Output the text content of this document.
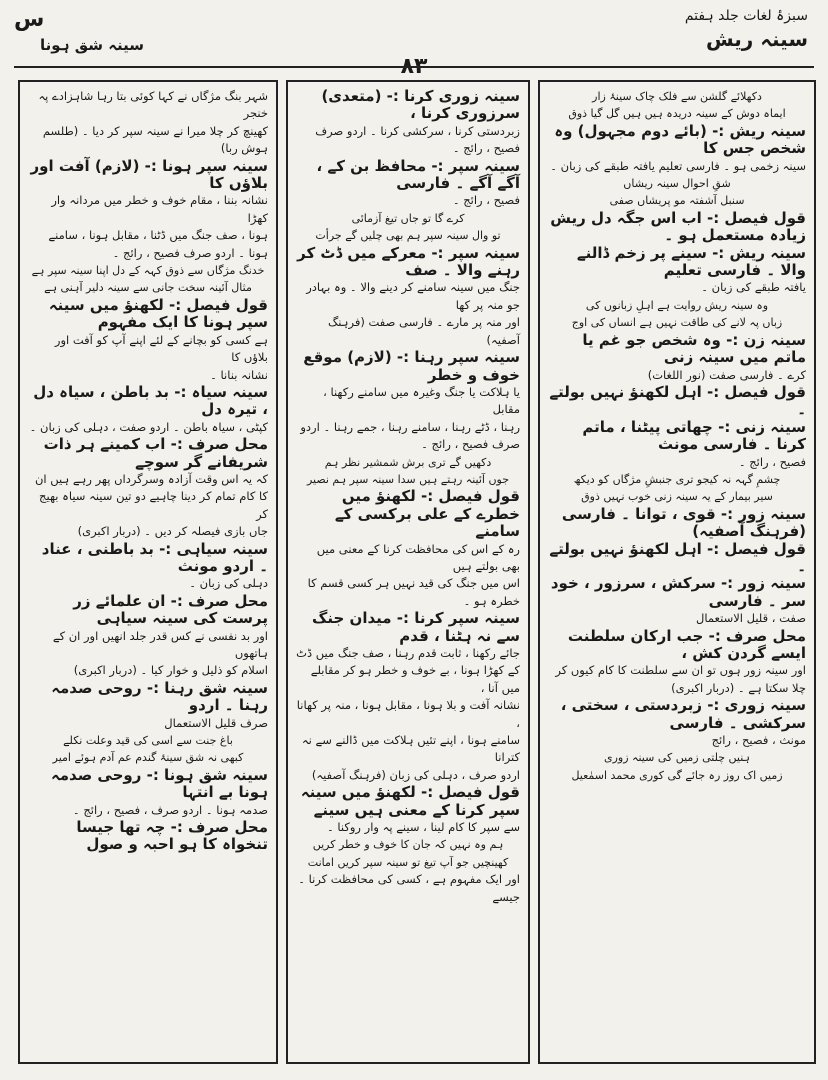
سبزۂ لغات جلد ہفتم
سینہ ریش
س
سینہ شق ہونا
۸۳

دکھلائے گلشن سے فلک چاک سینۂ زار

ایماہ دوش کے سینہ دریدہ ہیں ہیں گل گیا ذوق

سینہ ریش :- (بائے دوم مجہول) وہ شخص جس کا

سینہ زخمی ہو ۔ فارسی تعلیم یافتہ طبقے کی زبان ۔

شقِ احوال سینہ ریشاں

سنبل آشفتہ مو پریشاں صفی

قول فیصل :- اب اس جگہ دل ریش زیادہ مستعمل ہو ۔

سینہ ریش :- سینے پر زخم ڈالنے والا ۔ فارسی تعلیم

یافتہ طبقے کی زبان ۔

وہ سینہ ریش روایت ہے اہلِ زبانوں کی

زباں پہ لانے کی طاقت نہیں ہے انساں کی اوج

سینہ زن :- وہ شخص جو غم یا ماتم میں سینہ زنی

کرے ۔ فارسی صفت (نور اللغات)

قول فیصل :- اہل لکھنؤ نہیں بولتے ۔

سینہ زنی :- چھاتی پیٹنا ، ماتم کرنا ۔ فارسی مونث

فصیح ، رائج ۔

چشمِ گہہ نہ کیجو تری جنبشِ مژگاں کو دیکھ

سیر بیمار کے یہ سینہ زنی خوب نہیں ذوق

سینہ زور :- قوی ، توانا ۔ فارسی (فرہنگ آصفیہ)

قول فیصل :- اہل لکھنؤ نہیں بولتے ۔

سینہ زور :- سرکش ، سرزور ، خود سر ۔ فارسی

صفت ، قلیل الاستعمال

محل صرف :- جب ارکان سلطنت ایسے گردن کش ،

اور سینہ زور ہوں تو ان سے سلطنت کا کام کیوں کر

چلا سکتا ہے ۔ (دربار اکبری)

سینہ زوری :- زبردستی ، سختی ، سرکشی ۔ فارسی

مونث ، فصیح ، رائج

ہنیں چلتی زمیں کی سینہ زوری

زمیں اک روز رہ جائے گی کوری محمد اسمٰعیل

سینہ زوری کرنا :- (متعدی) سرزوری کرنا ،

زبردستی کرنا ، سرکشی کرنا ۔ اردو صرف فصیح ، رائج ۔

سینہ سپر :- محافظ بن کے ، آگے آگے ۔ فارسی

فصیح ، رائج ۔

کرے گا تو جاں تیغ آزمائی

تو وال سینہ سپر ہم بھی چلیں گے جرأت

سینہ سپر :- معرکے میں ڈٹ کر رہنے والا ۔ صف

جنگ میں سینہ سامنے کر دینے والا ۔ وہ بہادر جو منہ پر کھا

اور منہ پر مارے ۔ فارسی صفت (فرہنگ آصفیہ)

سینہ سپر رہنا :- (لازم) موقع خوف و خطر

یا ہلاکت یا جنگ وغیرہ میں سامنے رکھنا ، مقابل

رہنا ، ڈٹے رہنا ، سامنے رہنا ، جمے رہنا ۔ اردو

صرف فصیح ، رائج ۔

دکھیں گے تری برش شمشیر نظر ہم

جوں آئینہ رہتے ہیں سدا سینہ سپر ہم نصیر

قول فیصل :- لکھنؤ میں خطرے کے علی برکسی کے سامنے

رہ کے اس کی محافظت کرنا کے معنی میں بھی بولتے ہیں

اس میں جنگ کی قید نہیں ہر کسی قسم کا خطرہ ہو ۔

سینہ سپر کرنا :- میدان جنگ سے نہ ہٹنا ، قدم

جائے رکھنا ، ثابت قدم رہنا ، صف جنگ میں ڈٹ

کے کھڑا ہونا ، بے خوف و خطر ہو کر مقابلے میں آنا ،

نشانہ آفت و بلا ہونا ، مقابل ہونا ، منہ پر کھانا ،

سامنے ہونا ، اپنے تئیں ہلاکت میں ڈالنے سے نہ کترانا

اردو صرف ، دہلی کی زبان (فرہنگ آصفیہ)

قول فیصل :- لکھنؤ میں سینہ سپر کرنا کے معنی ہیں سینے

سے سپر کا کام لینا ، سینے پہ وار روکنا ۔

ہم وہ نہیں کہ جان کا خوف و خطر کریں

کھینچیں جو آپ تیغ تو سینہ سپر کریں امانت

اور ایک مفہوم ہے ، کسی کی محافظت کرنا ۔ جیسے

شہر بنگ مژگاں نے کہا کوئی بتا رہا شاہزادے پہ خنجر

کھینچ کر چلا میرا نے سینہ سپر کر دیا ۔ (طلسم ہوش ربا)

سینہ سپر ہونا :- (لازم) آفت اور بلاؤں کا

نشانہ بننا ، مقام خوف و خطر میں مردانہ وار کھڑا

ہونا ، صف جنگ میں ڈٹنا ، مقابل ہونا ، سامنے

ہونا ۔ اردو صرف فصیح ، رائج ۔

خدنگ مژگاں سے ذوق کہہ کے دل اپنا سینہ سپر ہے

مثال آئینہ سخت جانی سے سینہ دلیر آہنی ہے

قول فیصل :- لکھنؤ میں سینہ سپر ہونا کا ایک مفہوم

ہے کسی کو بچانے کے لئے اپنے آپ کو آفت اور بلاؤں کا

نشانہ بنانا ۔

سینہ سیاہ :- بد باطن ، سیاہ دل ، تیرہ دل

کپٹی ، سیاہ باطن ۔ اردو صفت ، دہلی کی زبان ۔

محل صرف :- اب کمینے ہر ذات شریفانے گر سوچے

کہ یہ اس وقت آزادہ وسرگرداں پھر رہے ہیں ان

کا کام تمام کر دینا چاہیے دو تین سینہ سیاہ بھیج کر

جاں بازی فیصلہ کر دیں ۔ (دربار اکبری)

سینہ سیاہی :- بد باطنی ، عناد ۔ اردو مونث

دہلی کی زبان ۔

محل صرف :- ان علمائے زر پرست کی سینہ سیاہی

اور بد نفسی نے کس قدر جلد انھیں اور ان کے ہاتھوں

اسلام کو ذلیل و خوار کیا ۔ (دربار اکبری)

سینہ شق رہنا :- روحی صدمہ رہنا ۔ اردو

صرف قلیل الاستعمال

باغ جنت سے اسی کی قید وعلت نکلے

کبھی نہ شق سینۂ گندم عم آدم ہوئے امیر

سینہ شق ہونا :- روحی صدمہ ہونا بے انتہا

صدمہ ہونا ۔ اردو صرف ، فصیح ، رائج ۔

محل صرف :- چہ تھا جیسا تنخواہ کا ہو احبہ و صول
